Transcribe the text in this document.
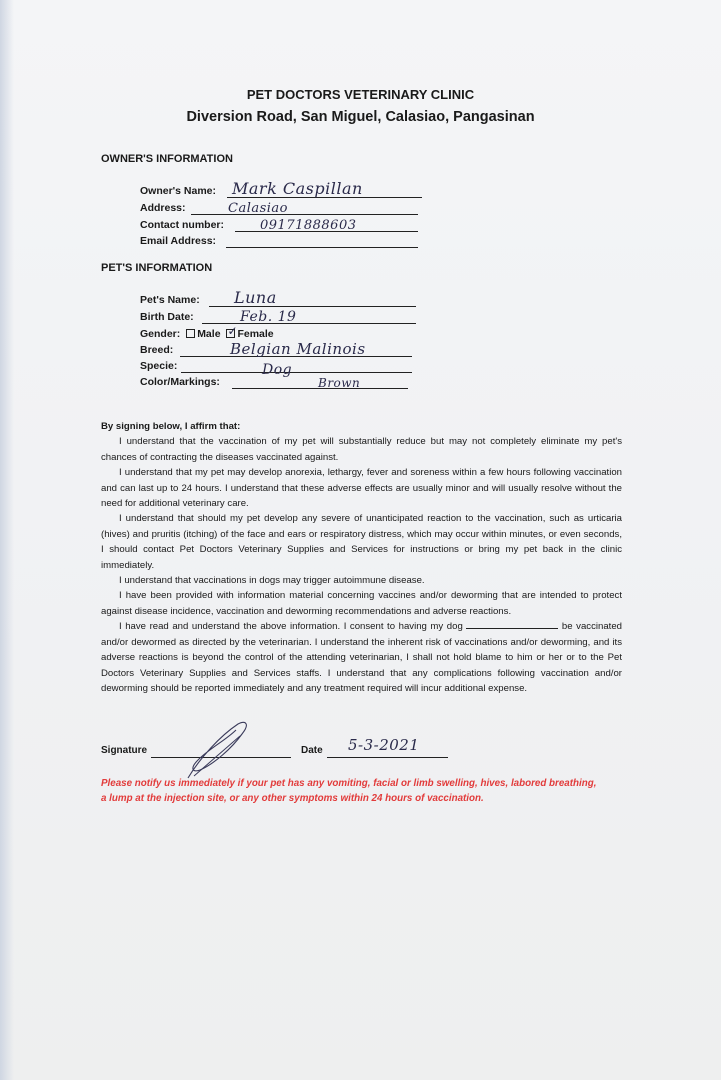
PET DOCTORS VETERINARY CLINIC
Diversion Road, San Miguel, Calasiao, Pangasinan
OWNER'S INFORMATION
Owner's Name: Mark Caspillan
Address:	Calasiao
Contact number:	09171888603
Email Address:
PET'S INFORMATION
Pet's Name: Luna
Birth Date:	Feb. 19
Gender: Male ✓ Female
Breed:	Belgian Malinois
Specie:	Dog
Color/Markings:	Brown

By signing below, I affirm that:

I understand that the vaccination of my pet will substantially reduce but may not completely eliminate my pet's chances of contracting the diseases vaccinated against.

I understand that my pet may develop anorexia, lethargy, fever and soreness within a few hours following vaccination and can last up to 24 hours. I understand that these adverse effects are usually minor and will usually resolve without the need for additional veterinary care.

I understand that should my pet develop any severe of unanticipated reaction to the vaccination, such as urticaria (hives) and pruritis (itching) of the face and ears or respiratory distress, which may occur within minutes, or even seconds, I should contact Pet Doctors Veterinary Supplies and Services for instructions or bring my pet back in the clinic immediately.

I understand that vaccinations in dogs may trigger autoimmune disease.

I have been provided with information material concerning vaccines and/or deworming that are intended to protect against disease incidence, vaccination and deworming recommendations and adverse reactions.

I have read and understand the above information. I consent to having my dog	be vaccinated and/or dewormed as directed by the veterinarian. I understand the inherent risk of vaccinations and/or deworming, and its adverse reactions is beyond the control of the attending veterinarian, I shall not hold blame to him or her or to the Pet Doctors Veterinary Supplies and Services staffs. I understand that any complications following vaccination and/or deworming should be reported immediately and any treatment required will incur additional expense.

Signature	Date 5-3-2021
Please notify us immediately if your pet has any vomiting, facial or limb swelling, hives, labored breathing, a lump at the injection site, or any other symptoms within 24 hours of vaccination.
